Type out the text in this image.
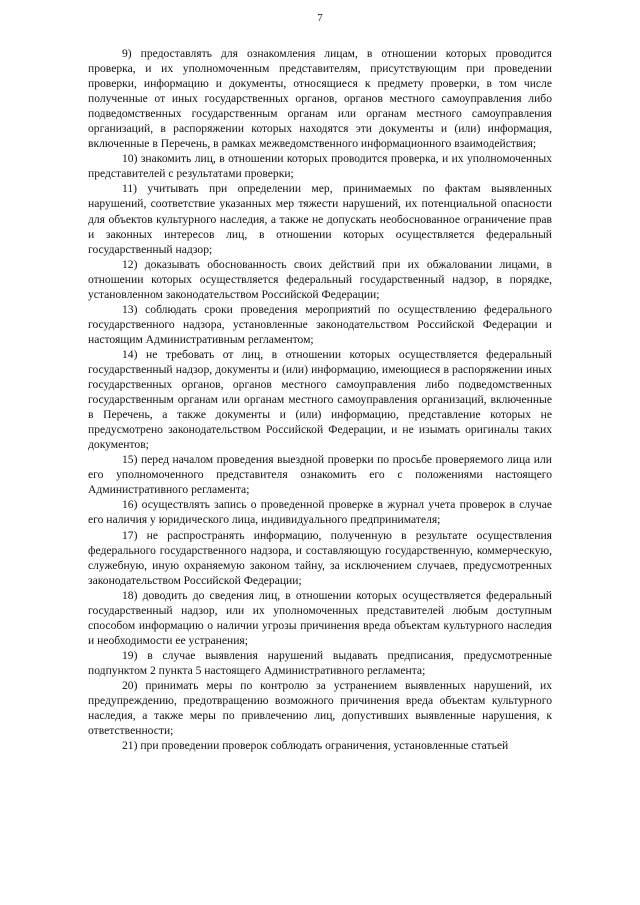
7

9) предоставлять для ознакомления лицам, в отношении которых проводится проверка, и их уполномоченным представителям, присутствующим при проведении проверки, информацию и документы, относящиеся к предмету проверки, в том числе полученные от иных государственных органов, органов местного самоуправления либо подведомственных государственным органам или органам местного самоуправления организаций, в распоряжении которых находятся эти документы и (или) информация, включенные в Перечень, в рамках межведомственного информационного взаимодействия;

10) знакомить лиц, в отношении которых проводится проверка, и их уполномоченных представителей с результатами проверки;

11) учитывать при определении мер, принимаемых по фактам выявленных нарушений, соответствие указанных мер тяжести нарушений, их потенциальной опасности для объектов культурного наследия, а также не допускать необоснованное ограничение прав и законных интересов лиц, в отношении которых осуществляется федеральный государственный надзор;

12) доказывать обоснованность своих действий при их обжаловании лицами, в отношении которых осуществляется федеральный государственный надзор, в порядке, установленном законодательством Российской Федерации;

13) соблюдать сроки проведения мероприятий по осуществлению федерального государственного надзора, установленные законодательством Российской Федерации и настоящим Административным регламентом;

14) не требовать от лиц, в отношении которых осуществляется федеральный государственный надзор, документы и (или) информацию, имеющиеся в распоряжении иных государственных органов, органов местного самоуправления либо подведомственных государственным органам или органам местного самоуправления организаций, включенные в Перечень, а также документы и (или) информацию, представление которых не предусмотрено законодательством Российской Федерации, и не изымать оригиналы таких документов;

15) перед началом проведения выездной проверки по просьбе проверяемого лица или его уполномоченного представителя ознакомить его с положениями настоящего Административного регламента;

16) осуществлять запись о проведенной проверке в журнал учета проверок в случае его наличия у юридического лица, индивидуального предпринимателя;

17) не распространять информацию, полученную в результате осуществления федерального государственного надзора, и составляющую государственную, коммерческую, служебную, иную охраняемую законом тайну, за исключением случаев, предусмотренных законодательством Российской Федерации;

18) доводить до сведения лиц, в отношении которых осуществляется федеральный государственный надзор, или их уполномоченных представителей любым доступным способом информацию о наличии угрозы причинения вреда объектам культурного наследия и необходимости ее устранения;

19) в случае выявления нарушений выдавать предписания, предусмотренные подпунктом 2 пункта 5 настоящего Административного регламента;

20) принимать меры по контролю за устранением выявленных нарушений, их предупреждению, предотвращению возможного причинения вреда объектам культурного наследия, а также меры по привлечению лиц, допустивших выявленные нарушения, к ответственности;

21) при проведении проверок соблюдать ограничения, установленные статьей
